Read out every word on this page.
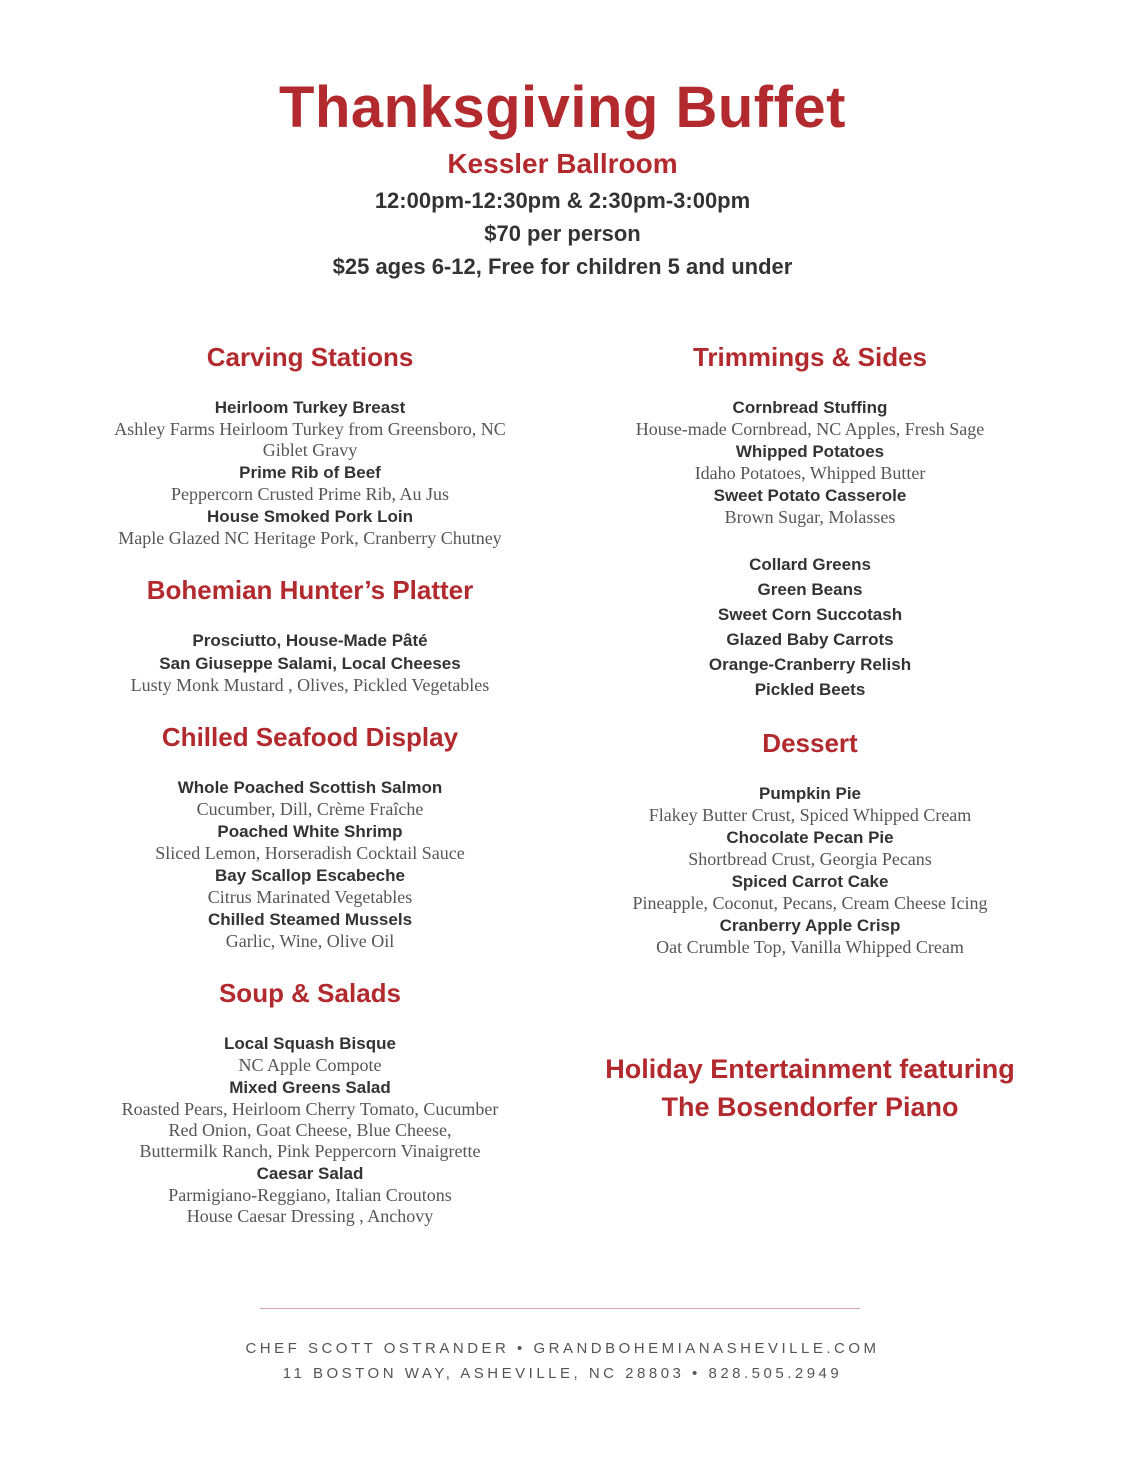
Thanksgiving Buffet

Kessler Ballroom

12:00pm-12:30pm & 2:30pm-3:00pm

$70 per person

$25 ages 6-12, Free for children 5 and under

Carving Stations

Heirloom Turkey Breast

Ashley Farms Heirloom Turkey from Greensboro, NC
Giblet Gravy

Prime Rib of Beef

Peppercorn Crusted Prime Rib, Au Jus

House Smoked Pork Loin

Maple Glazed NC Heritage Pork, Cranberry Chutney

Bohemian Hunter’s Platter

Prosciutto, House-Made Pâté

San Giuseppe Salami, Local Cheeses

Lusty Monk Mustard , Olives, Pickled Vegetables

Chilled Seafood Display

Whole Poached Scottish Salmon

Cucumber, Dill, Crème Fraîche

Poached White Shrimp

Sliced Lemon, Horseradish Cocktail Sauce

Bay Scallop Escabeche

Citrus Marinated Vegetables

Chilled Steamed Mussels

Garlic, Wine, Olive Oil

Soup & Salads

Local Squash Bisque

NC Apple Compote

Mixed Greens Salad

Roasted Pears, Heirloom Cherry Tomato, Cucumber
Red Onion, Goat Cheese, Blue Cheese,
Buttermilk Ranch, Pink Peppercorn Vinaigrette

Caesar Salad

Parmigiano-Reggiano, Italian Croutons
House Caesar Dressing , Anchovy

Trimmings & Sides

Cornbread Stuffing

House-made Cornbread, NC Apples, Fresh Sage

Whipped Potatoes

Idaho Potatoes, Whipped Butter

Sweet Potato Casserole

Brown Sugar, Molasses

Collard Greens

Green Beans

Sweet Corn Succotash

Glazed Baby Carrots

Orange-Cranberry Relish

Pickled Beets

Dessert

Pumpkin Pie

Flakey Butter Crust, Spiced Whipped Cream

Chocolate Pecan Pie

Shortbread Crust, Georgia Pecans

Spiced Carrot Cake

Pineapple, Coconut, Pecans, Cream Cheese Icing

Cranberry Apple Crisp

Oat Crumble Top, Vanilla Whipped Cream

Holiday Entertainment featuring

The Bosendorfer Piano

CHEF SCOTT OSTRANDER • GRANDBOHEMIANASHEVILLE.COM

11 BOSTON WAY, ASHEVILLE, NC 28803 • 828.505.2949
